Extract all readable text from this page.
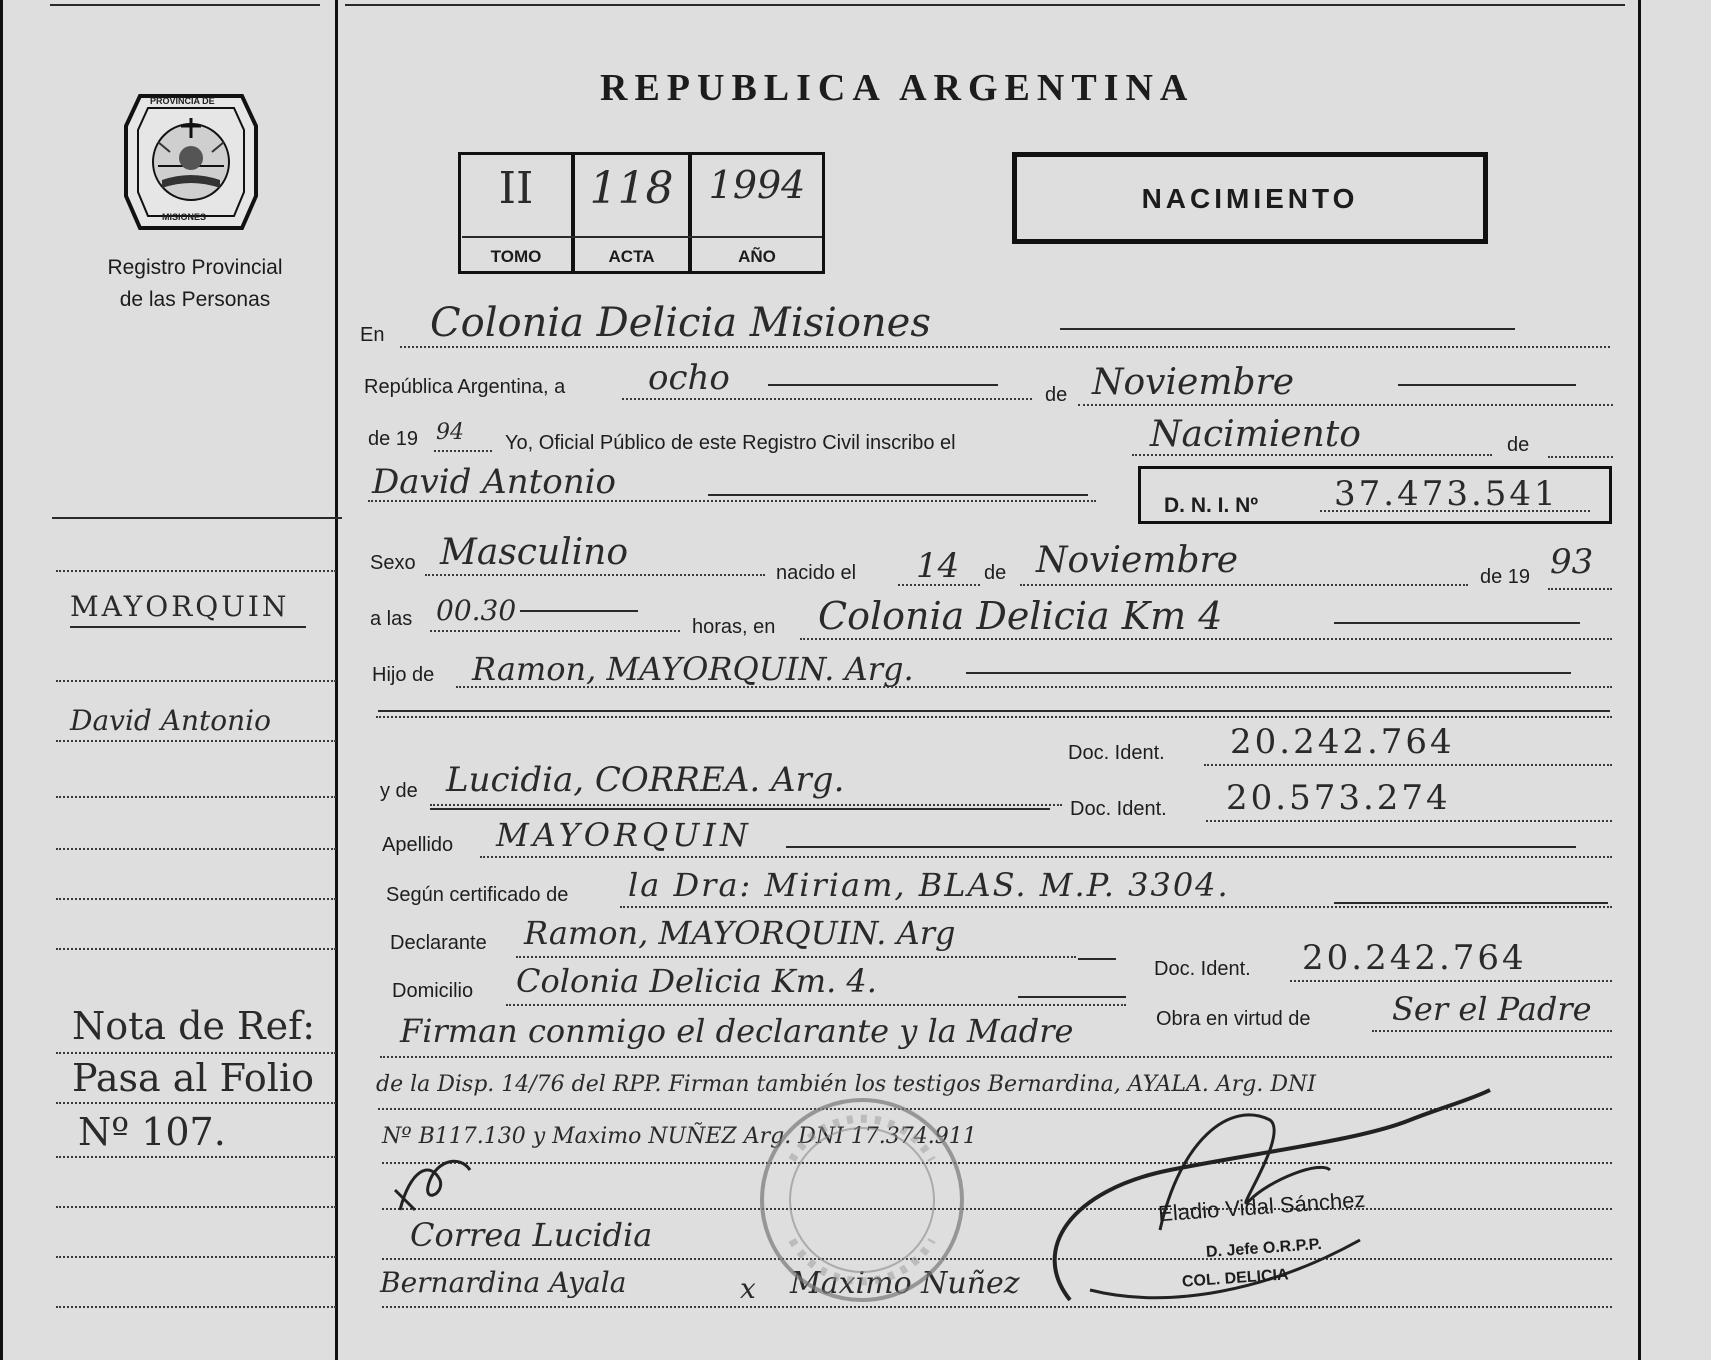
PROVINCIA DE
MISIONES
Registro Provincial
de las Personas
REPUBLICA ARGENTINA
II
TOMO
118
ACTA
1994
AÑO
NACIMIENTO
En Colonia Delicia Misiones
República Argentina, a ocho	de Noviembre
de 19 94 Yo, Oficial Público de este Registro Civil inscribo el	Nacimiento	de
David Antonio
D. N. I. Nº 37.473.541
Sexo Masculino	nacido el 14 de Noviembre	de 19 93
a las 00.30	horas, en Colonia Delicia Km 4
Hijo de Ramon, MAYORQUIN. Arg.
Doc. Ident. 20.242.764
y de Lucidia, CORREA. Arg.
Doc. Ident. 20.573.274
Apellido MAYORQUIN
Según certificado de la Dra: Miriam, BLAS. M.P. 3304.
Declarante Ramon, MAYORQUIN. Arg
Doc. Ident. 20.242.764
Domicilio Colonia Delicia Km. 4.
Obra en virtud de	Ser el Padre
Firman conmigo el declarante y la Madre
de la Disp. 14/76 del RPP. Firman también los testigos Bernardina, AYALA. Arg. DNI
Nº B117.130 y Maximo NUÑEZ Arg. DNI 17.374.911
Correa Lucidia
Bernardina Ayala	x Maximo Nuñez
Eladio Vidal Sánchez
D. Jefe O.R.P.P.
COL. DELICIA
MAYORQUIN
David Antonio
Nota de Ref:
Pasa al Folio
Nº 107.
